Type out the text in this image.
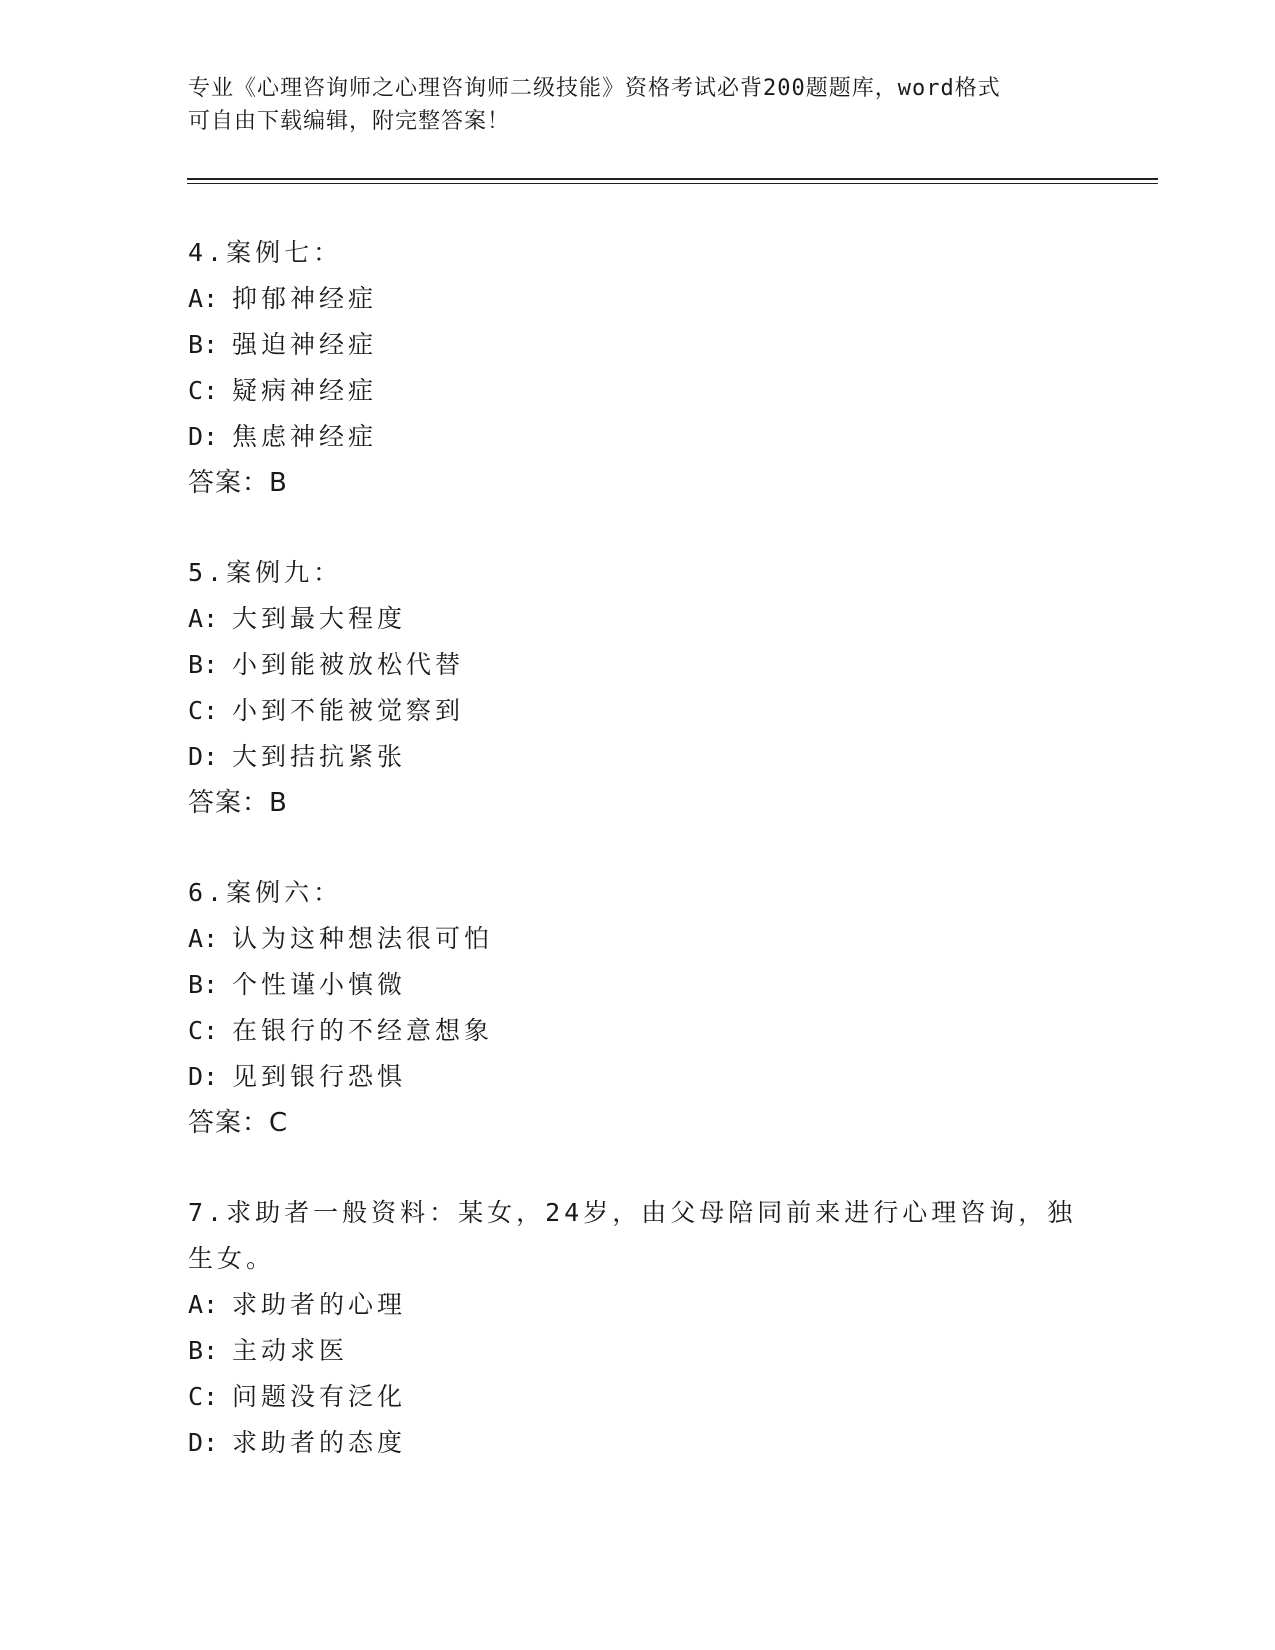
专业《心理咨询师之心理咨询师二级技能》资格考试必背200题题库，word格式
可自由下载编辑，附完整答案！
4.案例七：
A: 抑郁神经症
B: 强迫神经症
C: 疑病神经症
D: 焦虑神经症
答案：B
5.案例九：
A: 大到最大程度
B: 小到能被放松代替
C: 小到不能被觉察到
D: 大到拮抗紧张
答案：B
6.案例六：
A: 认为这种想法很可怕
B: 个性谨小慎微
C: 在银行的不经意想象
D: 见到银行恐惧
答案：C
7.求助者一般资料：某女，24岁，由父母陪同前来进行心理咨询，独
生女。
A: 求助者的心理
B: 主动求医
C: 问题没有泛化
D: 求助者的态度
